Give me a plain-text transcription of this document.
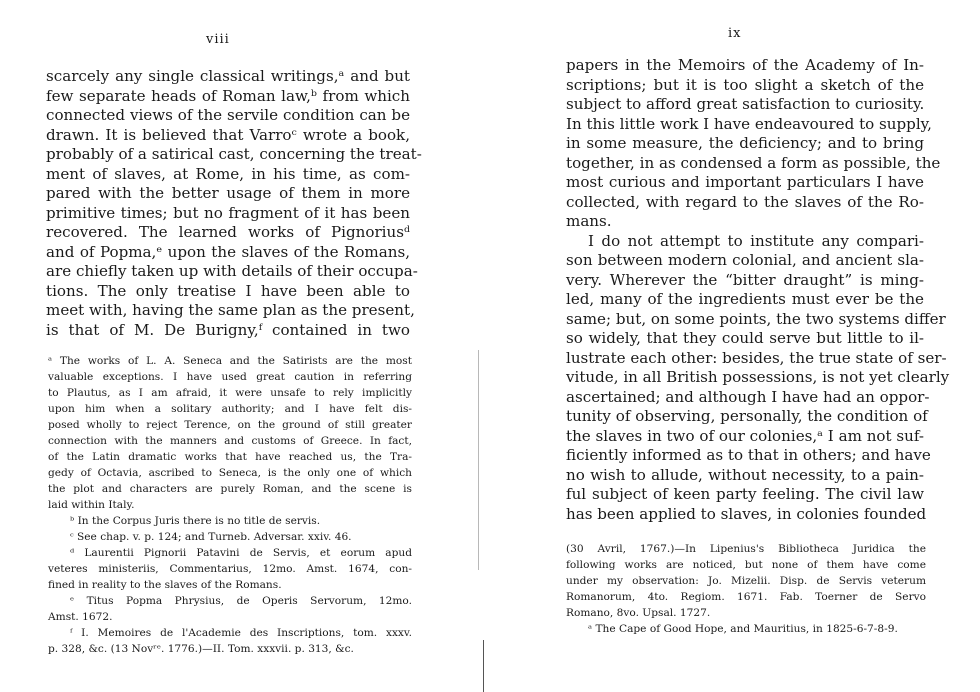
viii
scarcely any single classical writings,ᵃ and but
few separate heads of Roman law,ᵇ from which
connected views of the servile condition can be
drawn. It is believed that Varroᶜ wrote a book,
probably of a satirical cast, concerning the treat-
ment of slaves, at Rome, in his time, as com-
pared with the better usage of them in more
primitive times; but no fragment of it has been
recovered. The learned works of Pignoriusᵈ
and of Popma,ᵉ upon the slaves of the Romans,
are chiefly taken up with details of their occupa-
tions. The only treatise I have been able to
meet with, having the same plan as the present,
is that of M. De Burigny,ᶠ contained in two
ᵃ The works of L. A. Seneca and the Satirists are the most
valuable exceptions. I have used great caution in referring
to Plautus, as I am afraid, it were unsafe to rely implicitly
upon him when a solitary authority; and I have felt dis-
posed wholly to reject Terence, on the ground of still greater
connection with the manners and customs of Greece. In fact,
of the Latin dramatic works that have reached us, the Tra-
gedy of Octavia, ascribed to Seneca, is the only one of which
the plot and characters are purely Roman, and the scene is
laid within Italy.
ᵇ In the Corpus Juris there is no title de servis.
ᶜ See chap. v. p. 124; and Turneb. Adversar. xxiv. 46.
ᵈ Laurentii Pignorii Patavini de Servis, et eorum apud
veteres ministeriis, Commentarius, 12mo. Amst. 1674, con-
fined in reality to the slaves of the Romans.
ᵉ Titus Popma Phrysius, de Operis Servorum, 12mo.
Amst. 1672.
ᶠ I. Memoires de l'Academie des Inscriptions, tom. xxxv.
p. 328, &c. (13 Novʳᵉ. 1776.)—II. Tom. xxxvii. p. 313, &c.
ix
papers in the Memoirs of the Academy of In-
scriptions; but it is too slight a sketch of the
subject to afford great satisfaction to curiosity.
In this little work I have endeavoured to supply,
in some measure, the deficiency; and to bring
together, in as condensed a form as possible, the
most curious and important particulars I have
collected, with regard to the slaves of the Ro-
mans.
I do not attempt to institute any compari-
son between modern colonial, and ancient sla-
very. Wherever the “bitter draught” is ming-
led, many of the ingredients must ever be the
same; but, on some points, the two systems differ
so widely, that they could serve but little to il-
lustrate each other: besides, the true state of ser-
vitude, in all British possessions, is not yet clearly
ascertained; and although I have had an oppor-
tunity of observing, personally, the condition of
the slaves in two of our colonies,ᵃ I am not suf-
ficiently informed as to that in others; and have
no wish to allude, without necessity, to a pain-
ful subject of keen party feeling. The civil law
has been applied to slaves, in colonies founded
(30 Avril, 1767.)—In Lipenius's Bibliotheca Juridica the
following works are noticed, but none of them have come
under my observation: Jo. Mizelii. Disp. de Servis veterum
Romanorum, 4to. Regiom. 1671. Fab. Toerner de Servo
Romano, 8vo. Upsal. 1727.
ᵃ The Cape of Good Hope, and Mauritius, in 1825-6-7-8-9.
